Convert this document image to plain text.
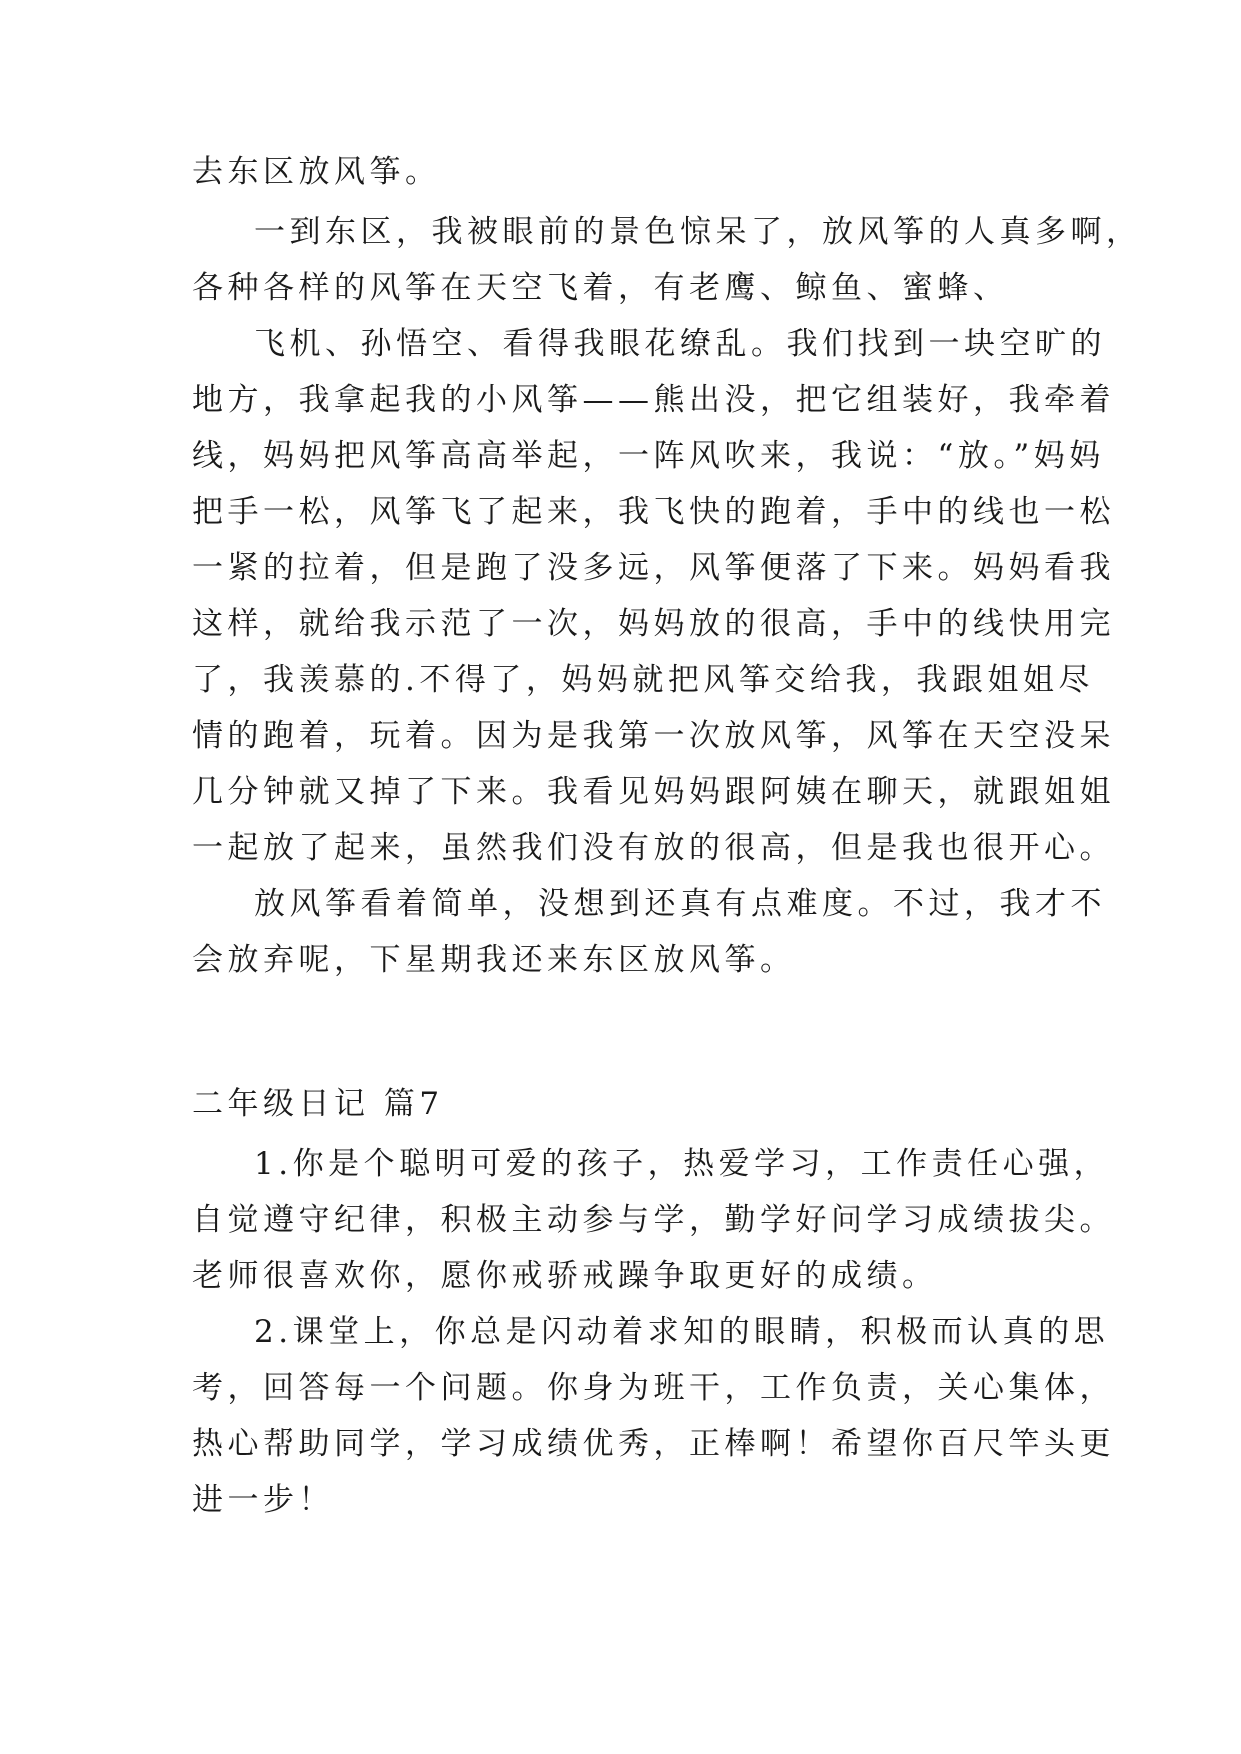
去东区放风筝。
一到东区，我被眼前的景色惊呆了，放风筝的人真多啊，
各种各样的风筝在天空飞着，有老鹰、鲸鱼、蜜蜂、
飞机、孙悟空、看得我眼花缭乱。我们找到一块空旷的
地方，我拿起我的小风筝——熊出没，把它组装好，我牵着
线，妈妈把风筝高高举起，一阵风吹来，我说：“放。”妈妈
把手一松，风筝飞了起来，我飞快的跑着，手中的线也一松
一紧的拉着，但是跑了没多远，风筝便落了下来。妈妈看我
这样，就给我示范了一次，妈妈放的很高，手中的线快用完
了，我羡慕的.不得了，妈妈就把风筝交给我，我跟姐姐尽
情的跑着，玩着。因为是我第一次放风筝，风筝在天空没呆
几分钟就又掉了下来。我看见妈妈跟阿姨在聊天，就跟姐姐
一起放了起来，虽然我们没有放的很高，但是我也很开心。
放风筝看着简单，没想到还真有点难度。不过，我才不
会放弃呢，下星期我还来东区放风筝。
二年级日记 篇7
1.你是个聪明可爱的孩子，热爱学习，工作责任心强，
自觉遵守纪律，积极主动参与学，勤学好问学习成绩拔尖。
老师很喜欢你，愿你戒骄戒躁争取更好的成绩。
2.课堂上，你总是闪动着求知的眼睛，积极而认真的思
考，回答每一个问题。你身为班干，工作负责，关心集体，
热心帮助同学，学习成绩优秀，正棒啊！希望你百尺竿头更
进一步！
